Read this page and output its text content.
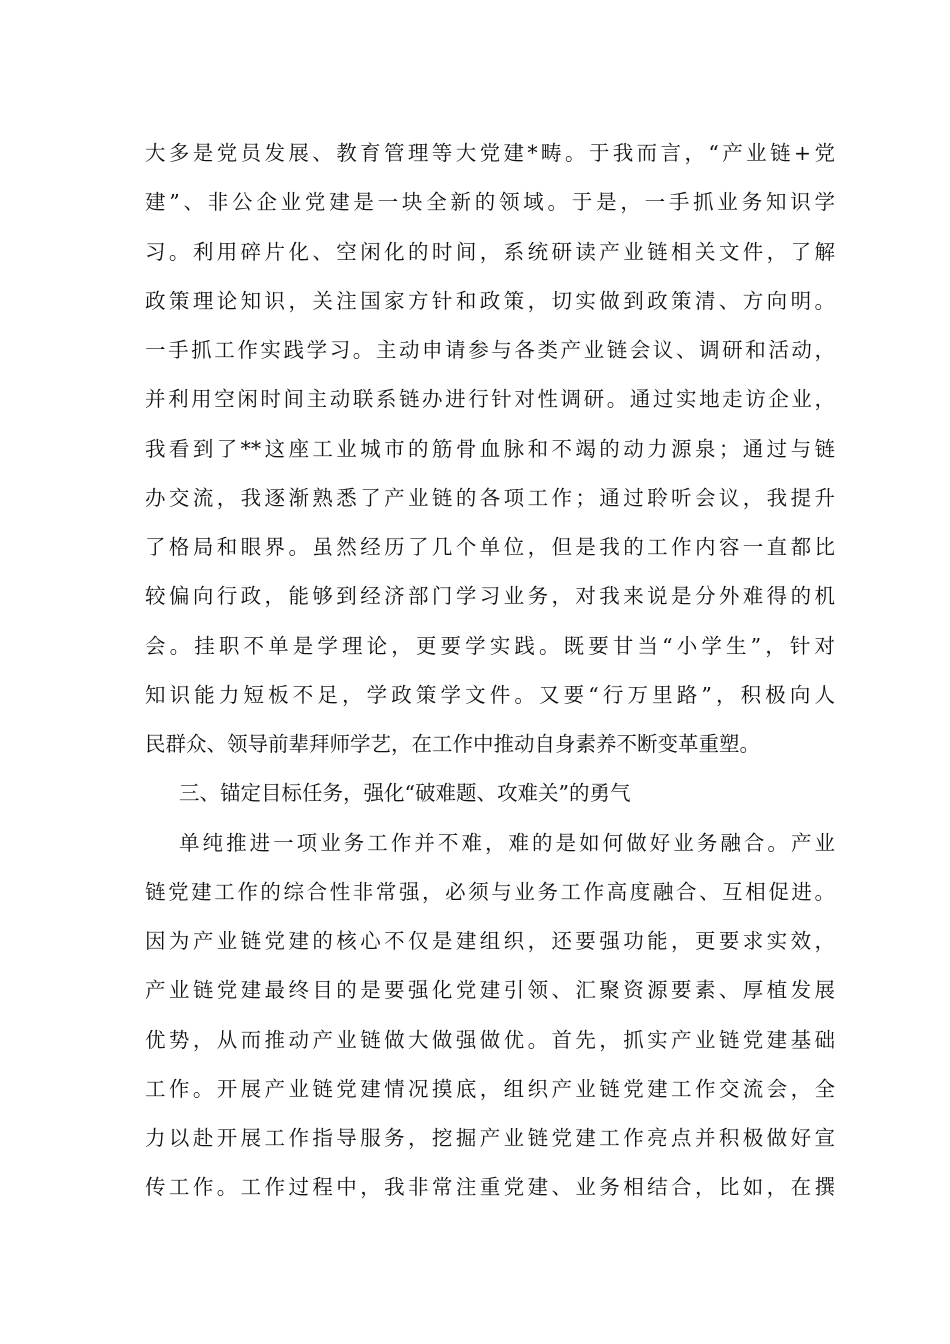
大多是党员发展、教育管理等大党建*畴。于我而言，“产业链+党
建”、非公企业党建是一块全新的领域。于是，一手抓业务知识学
习。利用碎片化、空闲化的时间，系统研读产业链相关文件，了解
政策理论知识，关注国家方针和政策，切实做到政策清、方向明。
一手抓工作实践学习。主动申请参与各类产业链会议、调研和活动，
并利用空闲时间主动联系链办进行针对性调研。通过实地走访企业，
我看到了**这座工业城市的筋骨血脉和不竭的动力源泉；通过与链
办交流，我逐渐熟悉了产业链的各项工作；通过聆听会议，我提升
了格局和眼界。虽然经历了几个单位，但是我的工作内容一直都比
较偏向行政，能够到经济部门学习业务，对我来说是分外难得的机
会。挂职不单是学理论，更要学实践。既要甘当“小学生”，针对
知识能力短板不足，学政策学文件。又要“行万里路”，积极向人
民群众、领导前辈拜师学艺，在工作中推动自身素养不断变革重塑。
三、锚定目标任务，强化“破难题、攻难关”的勇气
单纯推进一项业务工作并不难，难的是如何做好业务融合。产业
链党建工作的综合性非常强，必须与业务工作高度融合、互相促进。
因为产业链党建的核心不仅是建组织，还要强功能，更要求实效，
产业链党建最终目的是要强化党建引领、汇聚资源要素、厚植发展
优势，从而推动产业链做大做强做优。首先，抓实产业链党建基础
工作。开展产业链党建情况摸底，组织产业链党建工作交流会，全
力以赴开展工作指导服务，挖掘产业链党建工作亮点并积极做好宣
传工作。工作过程中，我非常注重党建、业务相结合，比如，在撰
